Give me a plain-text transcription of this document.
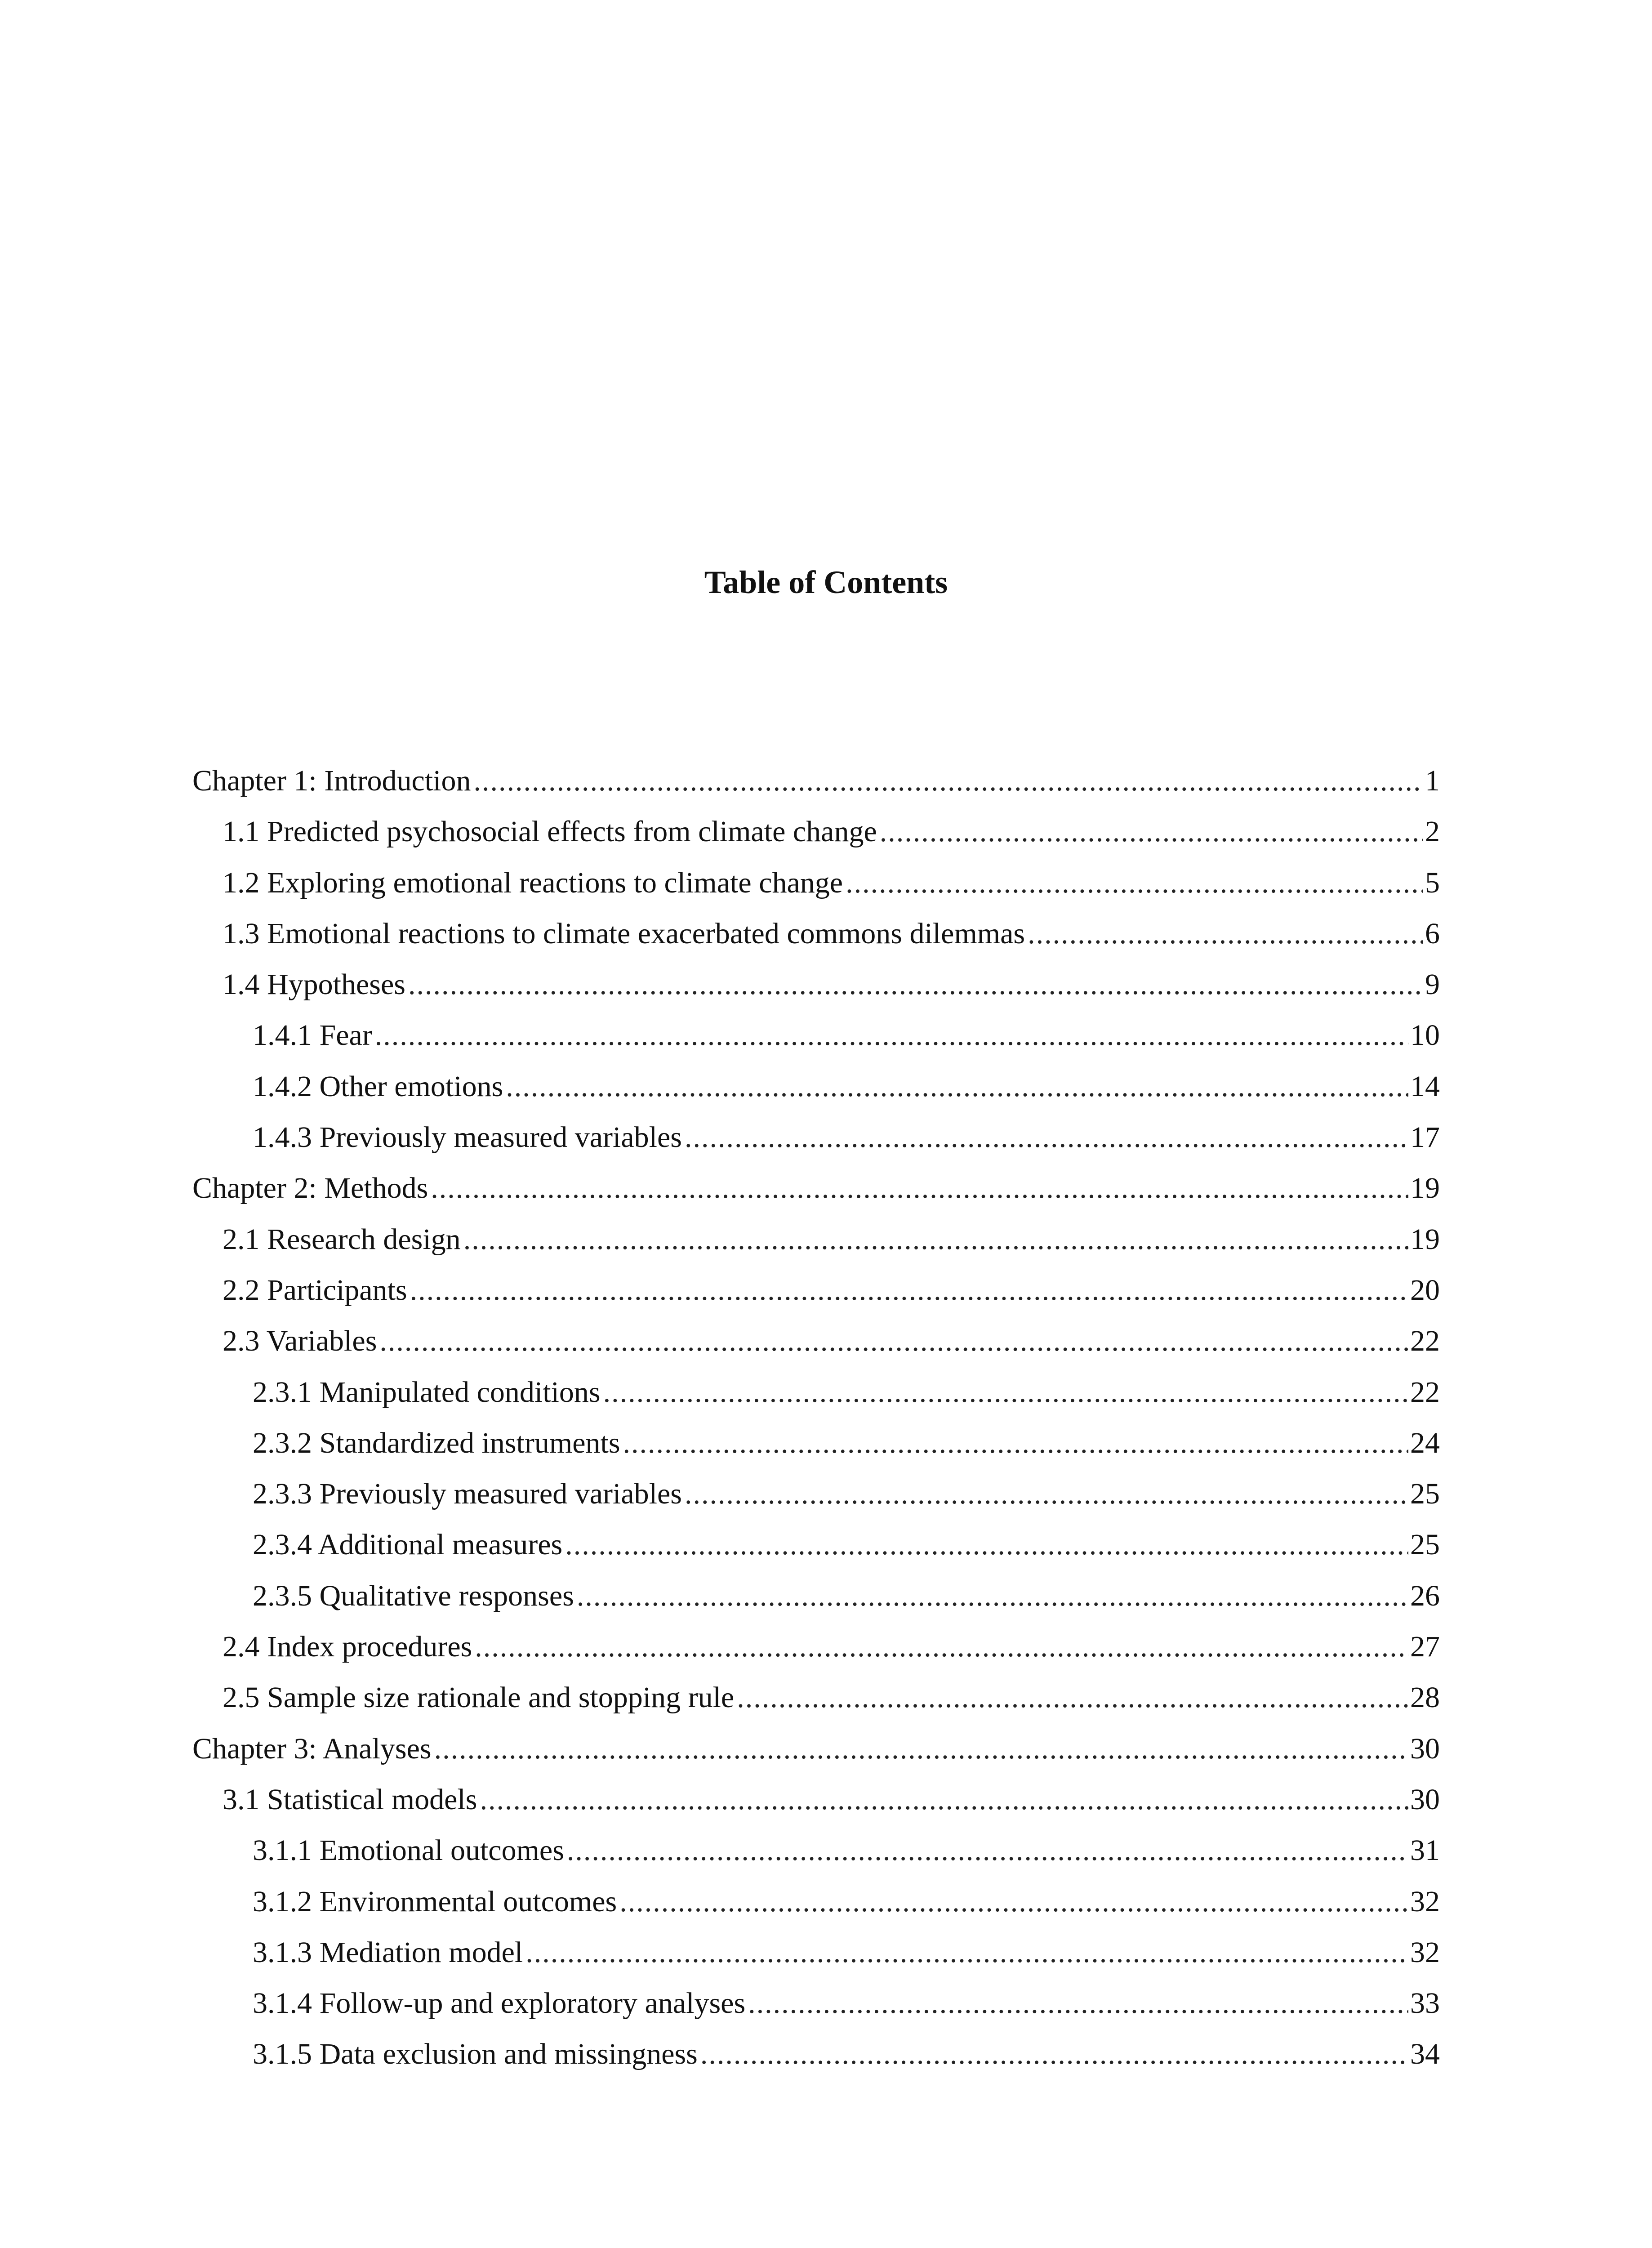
Table of Contents
Chapter 1: Introduction .....	1
1.1 Predicted psychosocial effects from climate change .....	2
1.2 Exploring emotional reactions to climate change .....	5
1.3 Emotional reactions to climate exacerbated commons dilemmas .....	6
1.4 Hypotheses .....	9
1.4.1 Fear .....	10
1.4.2 Other emotions .....	14
1.4.3 Previously measured variables .....	17
Chapter 2: Methods .....	19
2.1 Research design .....	19
2.2 Participants .....	20
2.3 Variables .....	22
2.3.1 Manipulated conditions .....	22
2.3.2 Standardized instruments .....	24
2.3.3 Previously measured variables .....	25
2.3.4 Additional measures .....	25
2.3.5 Qualitative responses .....	26
2.4 Index procedures .....	27
2.5 Sample size rationale and stopping rule .....	28
Chapter 3: Analyses .....	30
3.1 Statistical models .....	30
3.1.1 Emotional outcomes .....	31
3.1.2 Environmental outcomes .....	32
3.1.3 Mediation model .....	32
3.1.4 Follow-up and exploratory analyses .....	33
3.1.5 Data exclusion and missingness .....	34
